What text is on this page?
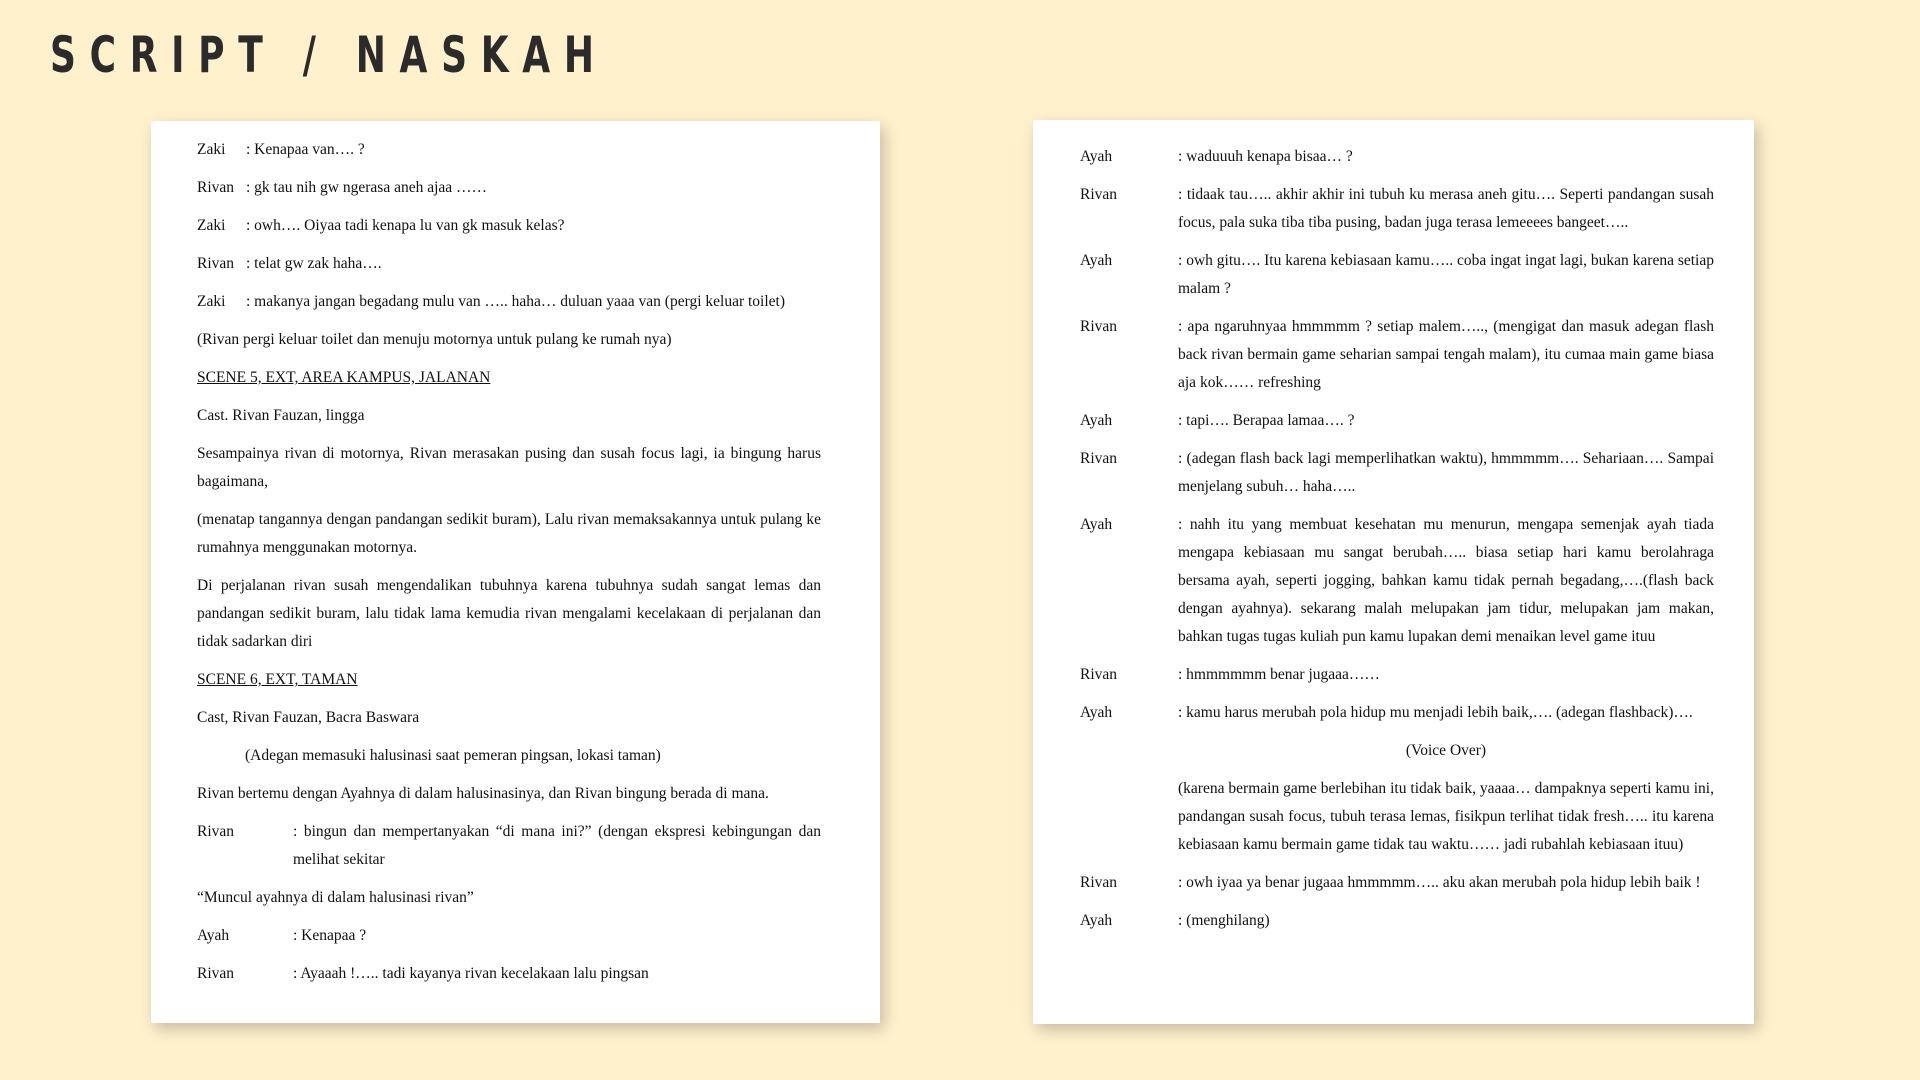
SCRIPT / NASKAH
Zaki	: Kenapaa van…. ?
Rivan : gk tau nih gw ngerasa aneh ajaa ……
Zaki	: owh…. Oiyaa tadi kenapa lu van gk masuk kelas?
Rivan : telat gw zak haha….
Zaki	: makanya jangan begadang mulu van ….. haha… duluan yaaa van (pergi keluar toilet)

(Rivan pergi keluar toilet dan menuju motornya untuk pulang ke rumah nya)

SCENE 5, EXT, AREA KAMPUS, JALANAN

Cast. Rivan Fauzan, lingga

Sesampainya rivan di motornya, Rivan merasakan pusing dan susah focus lagi, ia bingung harus bagaimana,

(menatap tangannya dengan pandangan sedikit buram), Lalu rivan memaksakannya untuk pulang ke rumahnya menggunakan motornya.

Di perjalanan rivan susah mengendalikan tubuhnya karena tubuhnya sudah sangat lemas dan pandangan sedikit buram, lalu tidak lama kemudia rivan mengalami kecelakaan di perjalanan dan tidak sadarkan diri

SCENE 6, EXT, TAMAN

Cast, Rivan Fauzan, Bacra Baswara

(Adegan memasuki halusinasi saat pemeran pingsan, lokasi taman)

Rivan bertemu dengan Ayahnya di dalam halusinasinya, dan Rivan bingung berada di mana.

Rivan	: bingun dan mempertanyakan “di mana ini?” (dengan ekspresi kebingungan dan melihat sekitar

“Muncul ayahnya di dalam halusinasi rivan”

Ayah	: Kenapaa ?
Rivan	: Ayaaah !….. tadi kayanya rivan kecelakaan lalu pingsan
Ayah	: waduuuh kenapa bisaa… ?
Rivan	: tidaak tau….. akhir akhir ini tubuh ku merasa aneh gitu…. Seperti pandangan susah focus, pala suka tiba tiba pusing, badan juga terasa lemeeees bangeet…..
Ayah	: owh gitu…. Itu karena kebiasaan kamu….. coba ingat ingat lagi, bukan karena setiap malam ?
Rivan	: apa ngaruhnyaa hmmmmm ? setiap malem….., (mengigat dan masuk adegan flash back rivan bermain game seharian sampai tengah malam), itu cumaa main game biasa aja kok…… refreshing
Ayah	: tapi…. Berapaa lamaa…. ?
Rivan	: (adegan flash back lagi memperlihatkan waktu), hmmmmm…. Sehariaan…. Sampai menjelang subuh… haha…..
Ayah	: nahh itu yang membuat kesehatan mu menurun, mengapa semenjak ayah tiada mengapa kebiasaan mu sangat berubah….. biasa setiap hari kamu berolahraga bersama ayah, seperti jogging, bahkan kamu tidak pernah begadang,….(flash back dengan ayahnya). sekarang malah melupakan jam tidur, melupakan jam makan, bahkan tugas tugas kuliah pun kamu lupakan demi menaikan level game ituu
Rivan	: hmmmmmm benar jugaaa……
Ayah	: kamu harus merubah pola hidup mu menjadi lebih baik,…. (adegan flashback)….

(Voice Over)

(karena bermain game berlebihan itu tidak baik, yaaaa… dampaknya seperti kamu ini, pandangan susah focus, tubuh terasa lemas, fisikpun terlihat tidak fresh….. itu karena kebiasaan kamu bermain game tidak tau waktu…… jadi rubahlah kebiasaan ituu)

Rivan	: owh iyaa ya benar jugaaa hmmmmm….. aku akan merubah pola hidup lebih baik !
Ayah	: (menghilang)
